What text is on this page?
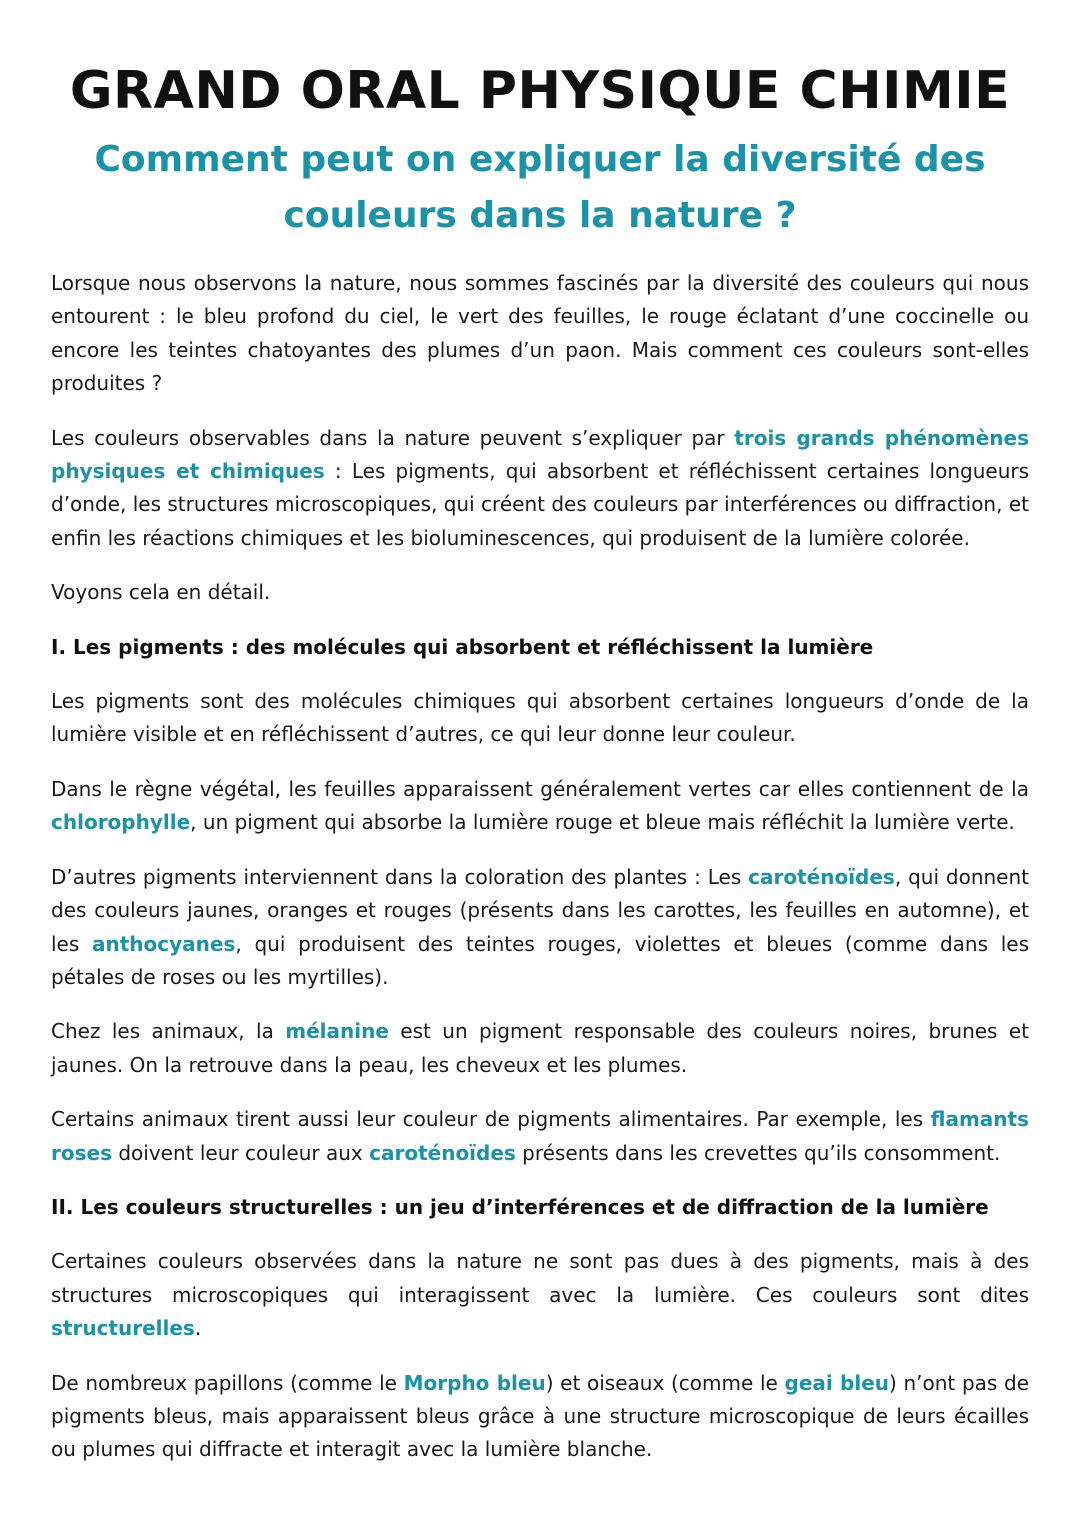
GRAND ORAL PHYSIQUE CHIMIE
Comment peut on expliquer la diversité des
couleurs dans la nature ?

Lorsque nous observons la nature, nous sommes fascinés par la diversité des couleurs qui nous entourent : le bleu profond du ciel, le vert des feuilles, le rouge éclatant d’une coccinelle ou encore les teintes chatoyantes des plumes d’un paon. Mais comment ces couleurs sont-elles produites ?

Les couleurs observables dans la nature peuvent s’expliquer par trois grands phénomènes physiques et chimiques : Les pigments, qui absorbent et réfléchissent certaines longueurs d’onde, les structures microscopiques, qui créent des couleurs par interférences ou diffraction, et enfin les réactions chimiques et les bioluminescences, qui produisent de la lumière colorée.

Voyons cela en détail.

I. Les pigments : des molécules qui absorbent et réfléchissent la lumière

Les pigments sont des molécules chimiques qui absorbent certaines longueurs d’onde de la lumière visible et en réfléchissent d’autres, ce qui leur donne leur couleur.

Dans le règne végétal, les feuilles apparaissent généralement vertes car elles contiennent de la chlorophylle, un pigment qui absorbe la lumière rouge et bleue mais réfléchit la lumière verte.

D’autres pigments interviennent dans la coloration des plantes : Les caroténoïdes, qui donnent des couleurs jaunes, oranges et rouges (présents dans les carottes, les feuilles en automne), et les anthocyanes, qui produisent des teintes rouges, violettes et bleues (comme dans les pétales de roses ou les myrtilles).

Chez les animaux, la mélanine est un pigment responsable des couleurs noires, brunes et jaunes. On la retrouve dans la peau, les cheveux et les plumes.

Certains animaux tirent aussi leur couleur de pigments alimentaires. Par exemple, les flamants roses doivent leur couleur aux caroténoïdes présents dans les crevettes qu’ils consomment.

II. Les couleurs structurelles : un jeu d’interférences et de diffraction de la lumière

Certaines couleurs observées dans la nature ne sont pas dues à des pigments, mais à des structures microscopiques qui interagissent avec la lumière. Ces couleurs sont dites structurelles.

De nombreux papillons (comme le Morpho bleu) et oiseaux (comme le geai bleu) n’ont pas de pigments bleus, mais apparaissent bleus grâce à une structure microscopique de leurs écailles ou plumes qui diffracte et interagit avec la lumière blanche.
